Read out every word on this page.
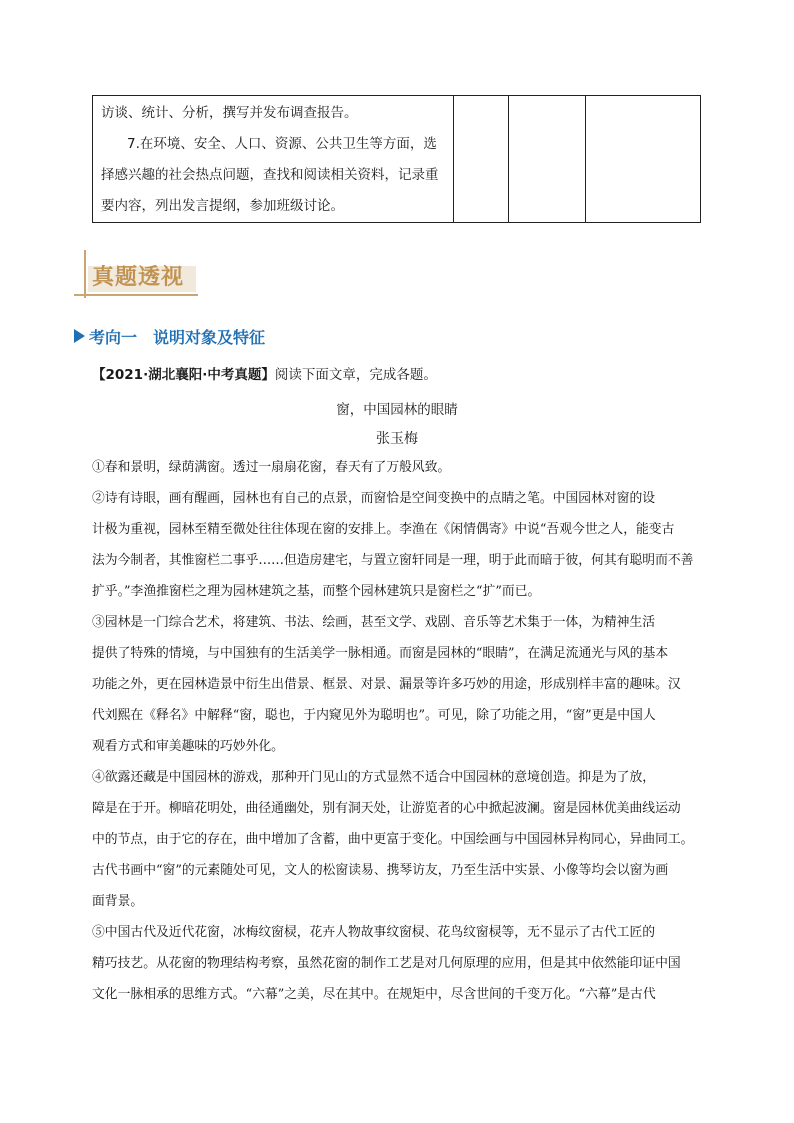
访谈、统计、分析，撰写并发布调查报告。
7.在环境、安全、人口、资源、公共卫生等方面，选
择感兴趣的社会热点问题，查找和阅读相关资料，记录重
要内容，列出发言提纲，参加班级讨论。

真题透视
考向一　说明对象及特征
【2021·湖北襄阳·中考真题】阅读下面文章，完成各题。
窗，中国园林的眼睛
张玉梅
①春和景明，绿荫满窗。透过一扇扇花窗，春天有了万般风致。
②诗有诗眼，画有醒画，园林也有自己的点景，而窗恰是空间变换中的点睛之笔。中国园林对窗的设
计极为重视，园林至精至微处往往体现在窗的安排上。李渔在《闲情偶寄》中说“吾观今世之人，能变古
法为今制者，其惟窗栏二事乎……但造房建宅，与置立窗轩同是一理，明于此而暗于彼，何其有聪明而不善
扩乎。”李渔推窗栏之理为园林建筑之基，而整个园林建筑只是窗栏之“扩”而已。
③园林是一门综合艺术，将建筑、书法、绘画，甚至文学、戏剧、音乐等艺术集于一体，为精神生活
提供了特殊的情境，与中国独有的生活美学一脉相通。而窗是园林的“眼睛”，在满足流通光与风的基本
功能之外，更在园林造景中衍生出借景、框景、对景、漏景等许多巧妙的用途，形成别样丰富的趣味。汉
代刘熙在《释名》中解释“窗，聪也，于内窥见外为聪明也”。可见，除了功能之用，“窗”更是中国人
观看方式和审美趣味的巧妙外化。
④欲露还藏是中国园林的游戏，那种开门见山的方式显然不适合中国园林的意境创造。抑是为了放，
障是在于开。柳暗花明处，曲径通幽处，别有洞天处，让游览者的心中掀起波澜。窗是园林优美曲线运动
中的节点，由于它的存在，曲中增加了含蓄，曲中更富于变化。中国绘画与中国园林异构同心，异曲同工。
古代书画中“窗”的元素随处可见，文人的松窗读易、携琴访友，乃至生活中实景、小像等均会以窗为画
面背景。
⑤中国古代及近代花窗，冰梅纹窗棂，花卉人物故事纹窗棂、花鸟纹窗棂等，无不显示了古代工匠的
精巧技艺。从花窗的物理结构考察，虽然花窗的制作工艺是对几何原理的应用，但是其中依然能印证中国
文化一脉相承的思维方式。“六幕”之美，尽在其中。在规矩中，尽含世间的千变万化。“六幕”是古代
